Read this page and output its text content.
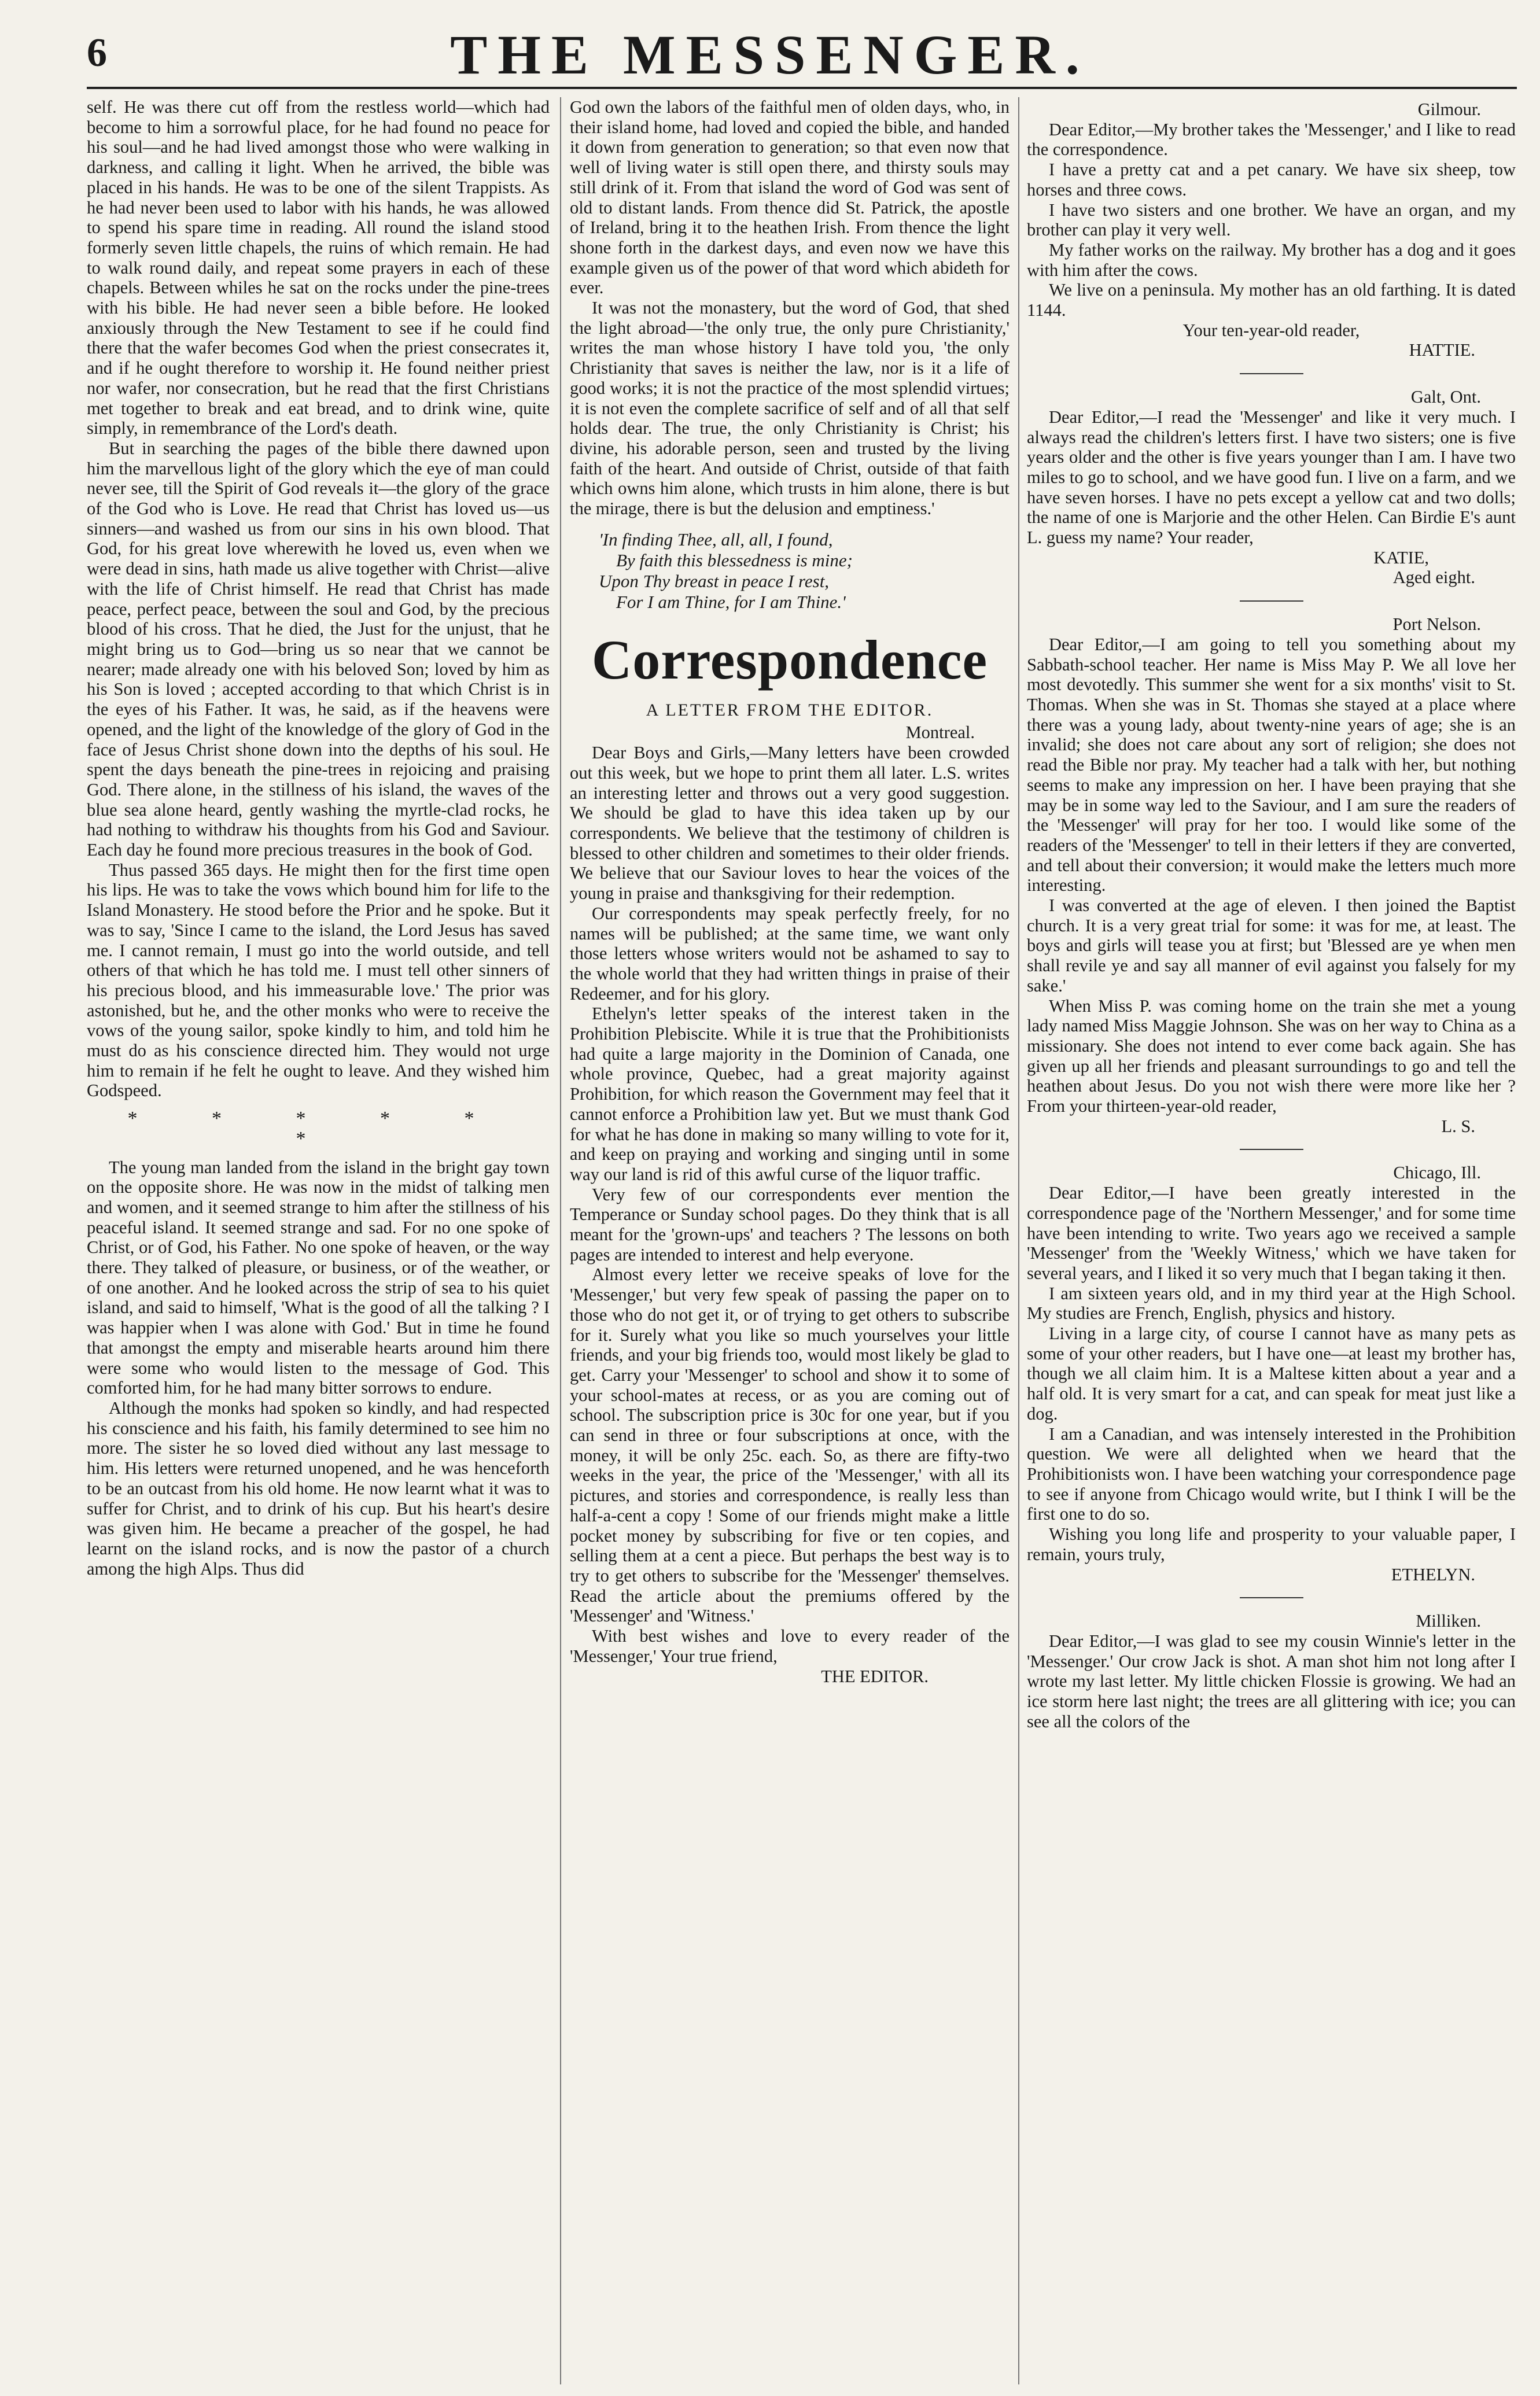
6	THE MESSENGER.

self. He was there cut off from the restless world—which had become to him a sorrowful place, for he had found no peace for his soul—and he had lived amongst those who were walking in darkness, and calling it light. When he arrived, the bible was placed in his hands. He was to be one of the silent Trappists. As he had never been used to labor with his hands, he was allowed to spend his spare time in reading. All round the island stood formerly seven little chapels, the ruins of which remain. He had to walk round daily, and repeat some prayers in each of these chapels. Between whiles he sat on the rocks under the pine-trees with his bible. He had never seen a bible before. He looked anxiously through the New Testament to see if he could find there that the wafer becomes God when the priest consecrates it, and if he ought therefore to worship it. He found neither priest nor wafer, nor consecration, but he read that the first Christians met together to break and eat bread, and to drink wine, quite simply, in remembrance of the Lord's death.

But in searching the pages of the bible there dawned upon him the marvellous light of the glory which the eye of man could never see, till the Spirit of God reveals it—the glory of the grace of the God who is Love. He read that Christ has loved us—us sinners—and washed us from our sins in his own blood. That God, for his great love wherewith he loved us, even when we were dead in sins, hath made us alive together with Christ—alive with the life of Christ himself. He read that Christ has made peace, perfect peace, between the soul and God, by the precious blood of his cross. That he died, the Just for the unjust, that he might bring us to God—bring us so near that we cannot be nearer; made already one with his beloved Son; loved by him as his Son is loved ; accepted according to that which Christ is in the eyes of his Father. It was, he said, as if the heavens were opened, and the light of the knowledge of the glory of God in the face of Jesus Christ shone down into the depths of his soul. He spent the days beneath the pine-trees in rejoicing and praising God. There alone, in the stillness of his island, the waves of the blue sea alone heard, gently washing the myrtle-clad rocks, he had nothing to withdraw his thoughts from his God and Saviour. Each day he found more precious treasures in the book of God.

Thus passed 365 days. He might then for the first time open his lips. He was to take the vows which bound him for life to the Island Monastery. He stood before the Prior and he spoke. But it was to say, 'Since I came to the island, the Lord Jesus has saved me. I cannot remain, I must go into the world outside, and tell others of that which he has told me. I must tell other sinners of his precious blood, and his immeasurable love.' The prior was astonished, but he, and the other monks who were to receive the vows of the young sailor, spoke kindly to him, and told him he must do as his conscience directed him. They would not urge him to remain if he felt he ought to leave. And they wished him Godspeed.

* * * * * *

The young man landed from the island in the bright gay town on the opposite shore. He was now in the midst of talking men and women, and it seemed strange to him after the stillness of his peaceful island. It seemed strange and sad. For no one spoke of Christ, or of God, his Father. No one spoke of heaven, or the way there. They talked of pleasure, or business, or of the weather, or of one another. And he looked across the strip of sea to his quiet island, and said to himself, 'What is the good of all the talking ? I was happier when I was alone with God.' But in time he found that amongst the empty and miserable hearts around him there were some who would listen to the message of God. This comforted him, for he had many bitter sorrows to endure.

Although the monks had spoken so kindly, and had respected his conscience and his faith, his family determined to see him no more. The sister he so loved died without any last message to him. His letters were returned unopened, and he was henceforth to be an outcast from his old home. He now learnt what it was to suffer for Christ, and to drink of his cup. But his heart's desire was given him. He became a preacher of the gospel, he had learnt on the island rocks, and is now the pastor of a church among the high Alps. Thus did

God own the labors of the faithful men of olden days, who, in their island home, had loved and copied the bible, and handed it down from generation to generation; so that even now that well of living water is still open there, and thirsty souls may still drink of it. From that island the word of God was sent of old to distant lands. From thence did St. Patrick, the apostle of Ireland, bring it to the heathen Irish. From thence the light shone forth in the darkest days, and even now we have this example given us of the power of that word which abideth for ever.

It was not the monastery, but the word of God, that shed the light abroad—'the only true, the only pure Christianity,' writes the man whose history I have told you, 'the only Christianity that saves is neither the law, nor is it a life of good works; it is not the practice of the most splendid virtues; it is not even the complete sacrifice of self and of all that self holds dear. The true, the only Christianity is Christ; his divine, his adorable person, seen and trusted by the living faith of the heart. And outside of Christ, outside of that faith which owns him alone, which trusts in him alone, there is but the mirage, there is but the delusion and emptiness.'

'In finding Thee, all, all, I found,
By faith this blessedness is mine;
Upon Thy breast in peace I rest,
For I am Thine, for I am Thine.'
Correspondence
A LETTER FROM THE EDITOR.
Montreal.

Dear Boys and Girls,—Many letters have been crowded out this week, but we hope to print them all later. L.S. writes an interesting letter and throws out a very good suggestion. We should be glad to have this idea taken up by our correspondents. We believe that the testimony of children is blessed to other children and sometimes to their older friends. We believe that our Saviour loves to hear the voices of the young in praise and thanksgiving for their redemption.

Our correspondents may speak perfectly freely, for no names will be published; at the same time, we want only those letters whose writers would not be ashamed to say to the whole world that they had written things in praise of their Redeemer, and for his glory.

Ethelyn's letter speaks of the interest taken in the Prohibition Plebiscite. While it is true that the Prohibitionists had quite a large majority in the Dominion of Canada, one whole province, Quebec, had a great majority against Prohibition, for which reason the Government may feel that it cannot enforce a Prohibition law yet. But we must thank God for what he has done in making so many willing to vote for it, and keep on praying and working and singing until in some way our land is rid of this awful curse of the liquor traffic.

Very few of our correspondents ever mention the Temperance or Sunday school pages. Do they think that is all meant for the 'grown-ups' and teachers ? The lessons on both pages are intended to interest and help everyone.

Almost every letter we receive speaks of love for the 'Messenger,' but very few speak of passing the paper on to those who do not get it, or of trying to get others to subscribe for it. Surely what you like so much yourselves your little friends, and your big friends too, would most likely be glad to get. Carry your 'Messenger' to school and show it to some of your school-mates at recess, or as you are coming out of school. The subscription price is 30c for one year, but if you can send in three or four subscriptions at once, with the money, it will be only 25c. each. So, as there are fifty-two weeks in the year, the price of the 'Messenger,' with all its pictures, and stories and correspondence, is really less than half-a-cent a copy ! Some of our friends might make a little pocket money by subscribing for five or ten copies, and selling them at a cent a piece. But perhaps the best way is to try to get others to subscribe for the 'Messenger' themselves. Read the article about the premiums offered by the 'Messenger' and 'Witness.'

With best wishes and love to every reader of the 'Messenger,' Your true friend,

THE EDITOR.
Gilmour.

Dear Editor,—My brother takes the 'Messenger,' and I like to read the correspondence.

I have a pretty cat and a pet canary. We have six sheep, tow horses and three cows.

I have two sisters and one brother. We have an organ, and my brother can play it very well.

My father works on the railway. My brother has a dog and it goes with him after the cows.

We live on a peninsula. My mother has an old farthing. It is dated 1144.

Your ten-year-old reader,
HATTIE.
Galt, Ont.

Dear Editor,—I read the 'Messenger' and like it very much. I always read the children's letters first. I have two sisters; one is five years older and the other is five years younger than I am. I have two miles to go to school, and we have good fun. I live on a farm, and we have seven horses. I have no pets except a yellow cat and two dolls; the name of one is Marjorie and the other Helen. Can Birdie E's aunt L. guess my name? Your reader,

KATIE,
Aged eight.
Port Nelson.

Dear Editor,—I am going to tell you something about my Sabbath-school teacher. Her name is Miss May P. We all love her most devotedly. This summer she went for a six months' visit to St. Thomas. When she was in St. Thomas she stayed at a place where there was a young lady, about twenty-nine years of age; she is an invalid; she does not care about any sort of religion; she does not read the Bible nor pray. My teacher had a talk with her, but nothing seems to make any impression on her. I have been praying that she may be in some way led to the Saviour, and I am sure the readers of the 'Messenger' will pray for her too. I would like some of the readers of the 'Messenger' to tell in their letters if they are converted, and tell about their conversion; it would make the letters much more interesting.

I was converted at the age of eleven. I then joined the Baptist church. It is a very great trial for some: it was for me, at least. The boys and girls will tease you at first; but 'Blessed are ye when men shall revile ye and say all manner of evil against you falsely for my sake.'

When Miss P. was coming home on the train she met a young lady named Miss Maggie Johnson. She was on her way to China as a missionary. She does not intend to ever come back again. She has given up all her friends and pleasant surroundings to go and tell the heathen about Jesus. Do you not wish there were more like her ? From your thirteen-year-old reader,

L. S.
Chicago, Ill.

Dear Editor,—I have been greatly interested in the correspondence page of the 'Northern Messenger,' and for some time have been intending to write. Two years ago we received a sample 'Messenger' from the 'Weekly Witness,' which we have taken for several years, and I liked it so very much that I began taking it then.

I am sixteen years old, and in my third year at the High School. My studies are French, English, physics and history.

Living in a large city, of course I cannot have as many pets as some of your other readers, but I have one—at least my brother has, though we all claim him. It is a Maltese kitten about a year and a half old. It is very smart for a cat, and can speak for meat just like a dog.

I am a Canadian, and was intensely interested in the Prohibition question. We were all delighted when we heard that the Prohibitionists won. I have been watching your correspondence page to see if anyone from Chicago would write, but I think I will be the first one to do so.

Wishing you long life and prosperity to your valuable paper, I remain, yours truly,

ETHELYN.
Milliken.

Dear Editor,—I was glad to see my cousin Winnie's letter in the 'Messenger.' Our crow Jack is shot. A man shot him not long after I wrote my last letter. My little chicken Flossie is growing. We had an ice storm here last night; the trees are all glittering with ice; you can see all the colors of the
